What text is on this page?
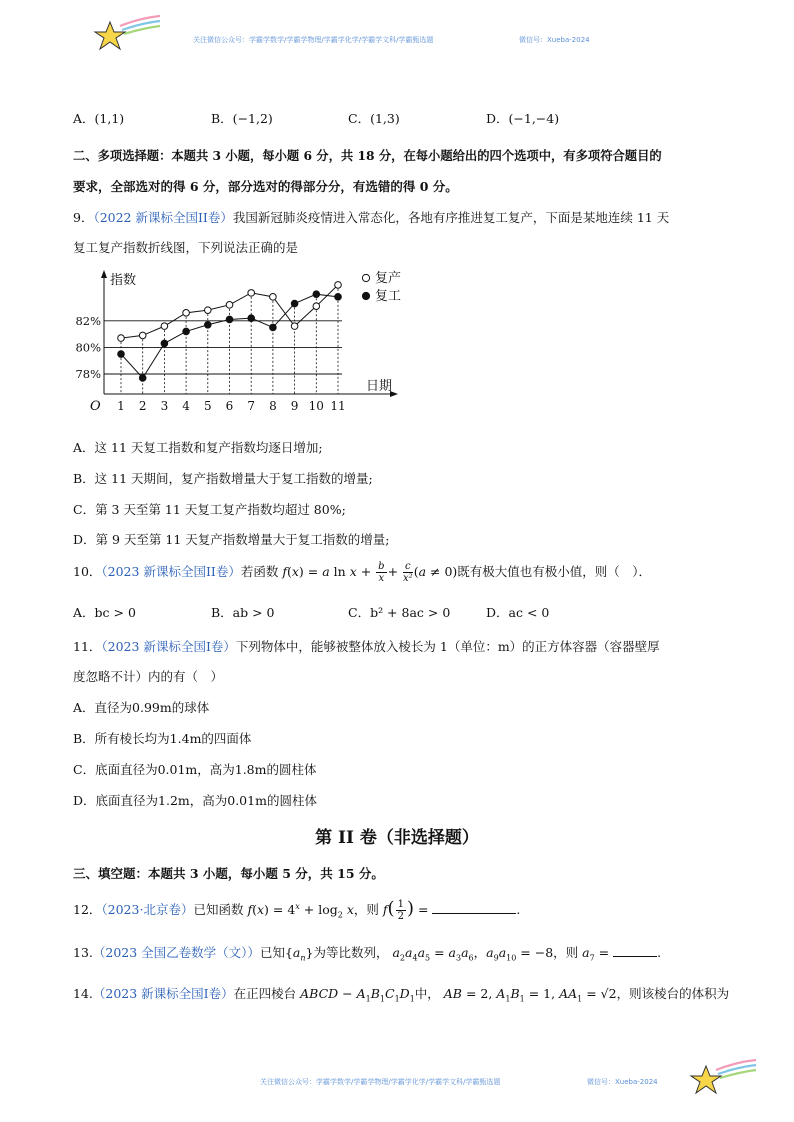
关注微信公众号：学霸学数学/学霸学物理/学霸学化学/学霸学文科/学霸甄选题	微信号：Xueba-2024
A．(1,1)	B．(−1,2)	C．(1,3)	D．(−1,−4)
二、多项选择题：本题共 3 小题，每小题 6 分，共 18 分，在每小题给出的四个选项中，有多项符合题目的
要求，全部选对的得 6 分，部分选对的得部分分，有选错的得 0 分。
9．（2022 新课标全国II卷）我国新冠肺炎疫情进入常态化，各地有序推进复工复产，下面是某地连续 11 天
复工复产指数折线图，下列说法正确的是
指数
日期
O
78%
80%
82%
1 2 3 4 5 6 7 8 9 10 11
复产
复工
A．这 11 天复工指数和复产指数均逐日增加;
B．这 11 天期间，复产指数增量大于复工指数的增量;
C．第 3 天至第 11 天复工复产指数均超过 80%;
D．第 9 天至第 11 天复产指数增量大于复工指数的增量;
10．（2023 新课标全国II卷）若函数 f(x) = a $\ln x + \frac{b}{x} + \frac{c}{\text{x²}} (a \ne 0)$既有极大值也有极小值，则（　）．
A．bc > 0	B．ab > 0	C．b² + 8ac > 0	D．ac < 0
11．（2023 新课标全国I卷）下列物体中，能够被整体放入棱长为 1（单位：m）的正方体容器（容器壁厚
度忽略不计）内的有（　）
A．直径为0.99m的球体
B．所有棱长均为1.4m的四面体
C．底面直径为0.01m，高为1.8m的圆柱体
D．底面直径为1.2m，高为0.01m的圆柱体
第 II 卷（非选择题）
三、填空题：本题共 3 小题，每小题 5 分，共 15 分。
12．（2023·北京卷）已知函数 $f(x) = 4^x + \log_2 x$，则 $f( \frac{1}{2}$ ) =	.
13.（2023 全国乙卷数学（文））已知$\{a_n\}$为等比数列， $a_2a_4a_5 = a_3a_6$，$a_9a_{10} = -8$，则 $a_7$ =	.
14.（2023 新课标全国I卷）在正四棱台 ABCD − $A_1B_1C_1D_1$中， AB = 2, $A_1B_1 = 1$, $AA_1 = √2$，则该棱台的体积为
关注微信公众号：学霸学数学/学霸学物理/学霸学化学/学霸学文科/学霸甄选题	微信号：Xueba-2024
